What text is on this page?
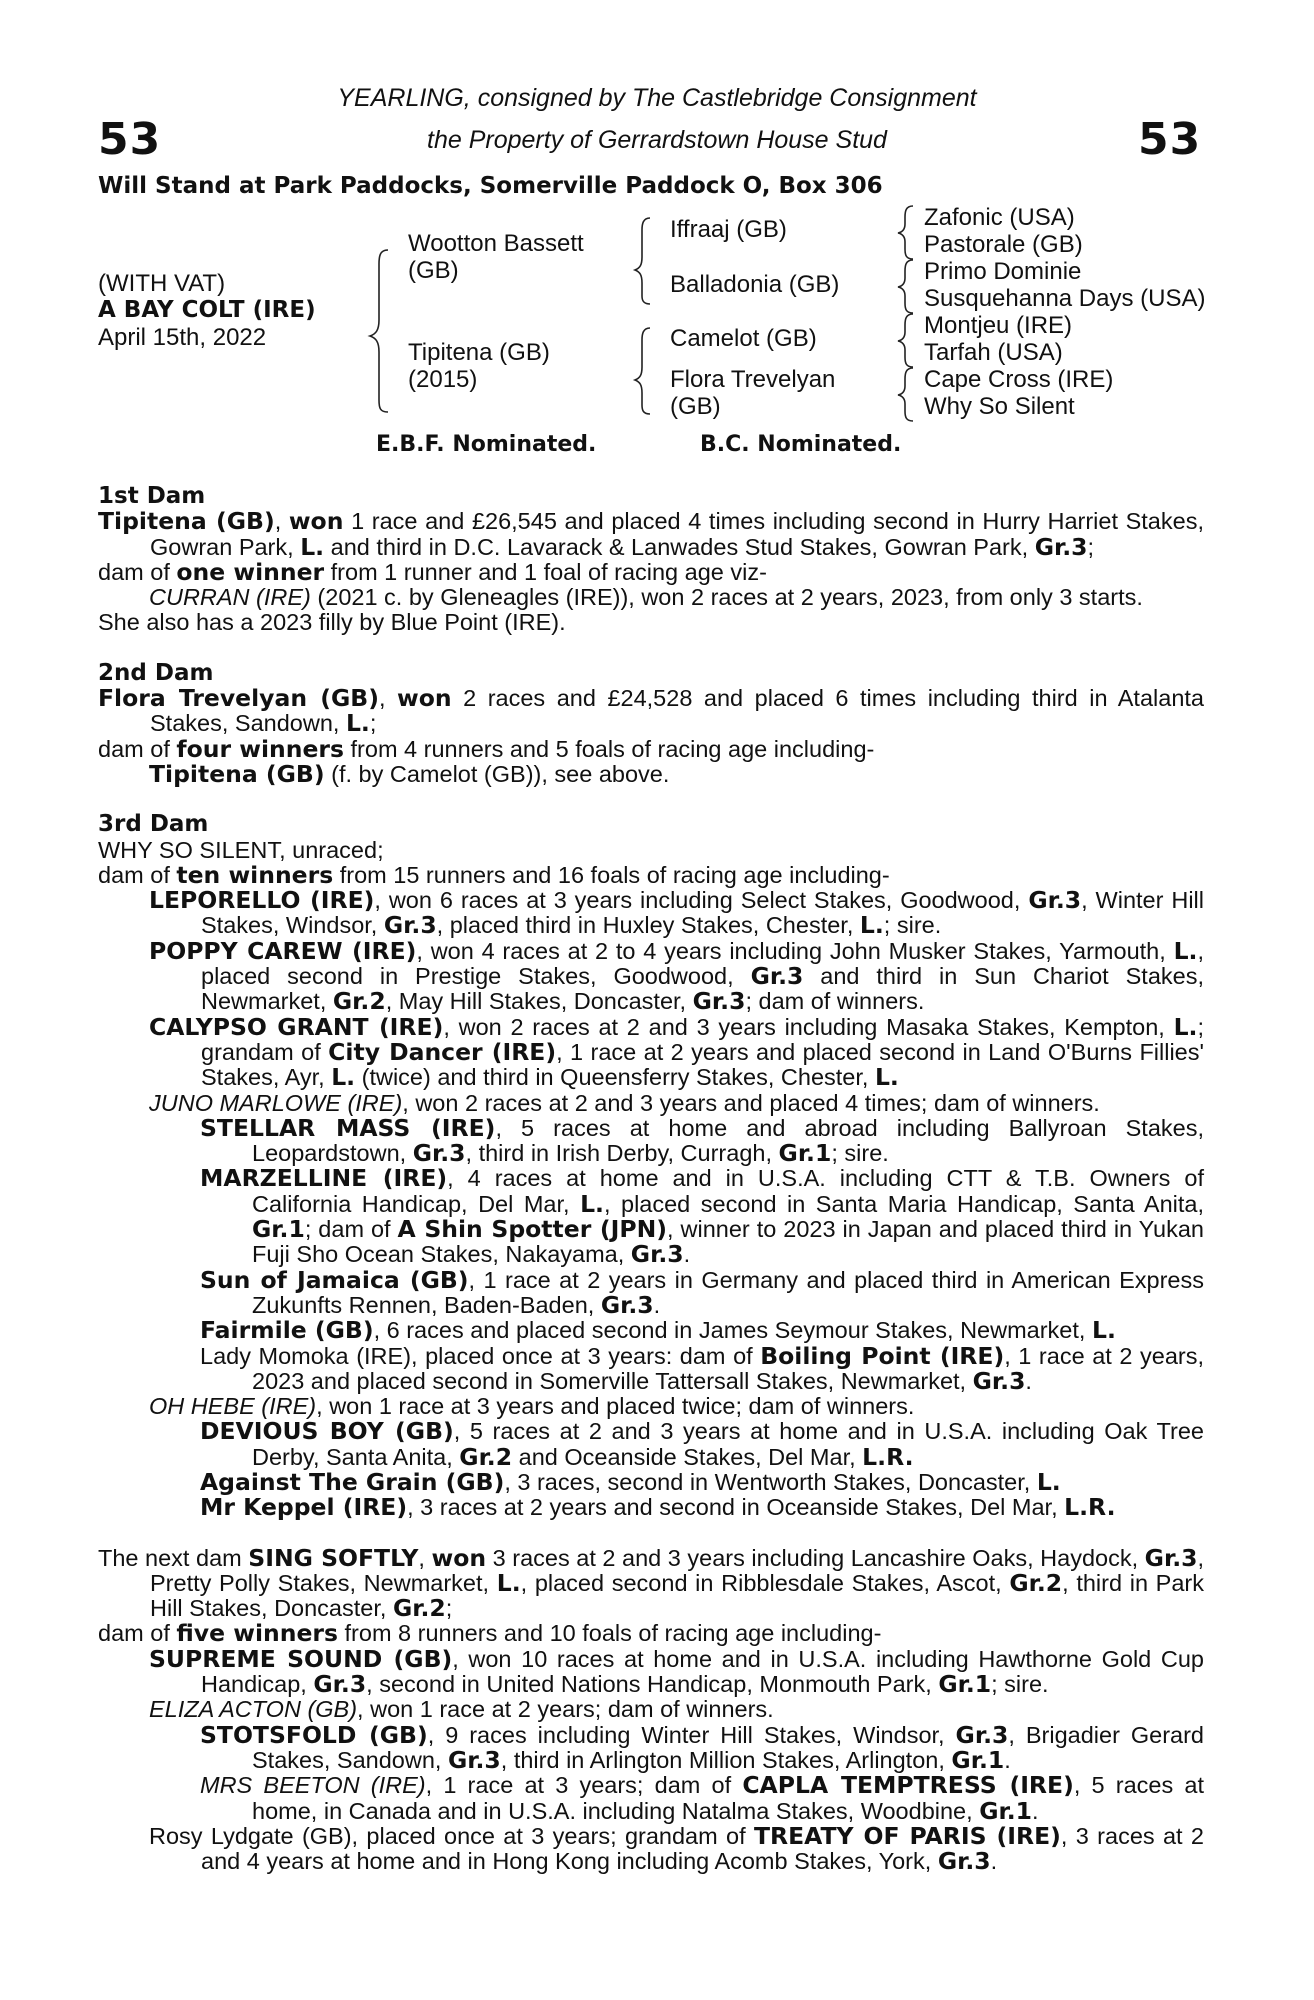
53	53
YEARLING, consigned by The Castlebridge Consignment
the Property of Gerrardstown House Stud
Will Stand at Park Paddocks, Somerville Paddock O, Box 306
(WITH VAT)
A BAY COLT (IRE)
April 15th, 2022
Wootton Bassett
(GB)
Tipitena (GB)
(2015)
Iffraaj (GB)
Balladonia (GB)
Camelot (GB)
Flora Trevelyan
(GB)
Zafonic (USA)
Pastorale (GB)
Primo Dominie
Susquehanna Days (USA)
Montjeu (IRE)
Tarfah (USA)
Cape Cross (IRE)
Why So Silent
E.B.F. Nominated.	B.C. Nominated.

1st Dam

Tipitena (GB), won 1 race and £26,545 and placed 4 times including second in Hurry Harriet Stakes, Gowran Park, L. and third in D.C. Lavarack & Lanwades Stud Stakes, Gowran Park, Gr.3;

dam of one winner from 1 runner and 1 foal of racing age viz-

CURRAN (IRE) (2021 c. by Gleneagles (IRE)), won 2 races at 2 years, 2023, from only 3 starts.

She also has a 2023 filly by Blue Point (IRE).

2nd Dam

Flora Trevelyan (GB), won 2 races and £24,528 and placed 6 times including third in Atalanta Stakes, Sandown, L.;

dam of four winners from 4 runners and 5 foals of racing age including-

Tipitena (GB) (f. by Camelot (GB)), see above.

3rd Dam

WHY SO SILENT, unraced;

dam of ten winners from 15 runners and 16 foals of racing age including-

LEPORELLO (IRE), won 6 races at 3 years including Select Stakes, Goodwood, Gr.3, Winter Hill Stakes, Windsor, Gr.3, placed third in Huxley Stakes, Chester, L.; sire.

POPPY CAREW (IRE), won 4 races at 2 to 4 years including John Musker Stakes, Yarmouth, L., placed second in Prestige Stakes, Goodwood, Gr.3 and third in Sun Chariot Stakes, Newmarket, Gr.2, May Hill Stakes, Doncaster, Gr.3; dam of winners.

CALYPSO GRANT (IRE), won 2 races at 2 and 3 years including Masaka Stakes, Kempton, L.; grandam of City Dancer (IRE), 1 race at 2 years and placed second in Land O'Burns Fillies' Stakes, Ayr, L. (twice) and third in Queensferry Stakes, Chester, L.

JUNO MARLOWE (IRE), won 2 races at 2 and 3 years and placed 4 times; dam of winners.

STELLAR MASS (IRE), 5 races at home and abroad including Ballyroan Stakes, Leopardstown, Gr.3, third in Irish Derby, Curragh, Gr.1; sire.

MARZELLINE (IRE), 4 races at home and in U.S.A. including CTT & T.B. Owners of California Handicap, Del Mar, L., placed second in Santa Maria Handicap, Santa Anita, Gr.1; dam of A Shin Spotter (JPN), winner to 2023 in Japan and placed third in Yukan Fuji Sho Ocean Stakes, Nakayama, Gr.3.

Sun of Jamaica (GB), 1 race at 2 years in Germany and placed third in American Express Zukunfts Rennen, Baden-Baden, Gr.3.

Fairmile (GB), 6 races and placed second in James Seymour Stakes, Newmarket, L.

Lady Momoka (IRE), placed once at 3 years: dam of Boiling Point (IRE), 1 race at 2 years, 2023 and placed second in Somerville Tattersall Stakes, Newmarket, Gr.3.

OH HEBE (IRE), won 1 race at 3 years and placed twice; dam of winners.

DEVIOUS BOY (GB), 5 races at 2 and 3 years at home and in U.S.A. including Oak Tree Derby, Santa Anita, Gr.2 and Oceanside Stakes, Del Mar, L.R.

Against The Grain (GB), 3 races, second in Wentworth Stakes, Doncaster, L.

Mr Keppel (IRE), 3 races at 2 years and second in Oceanside Stakes, Del Mar, L.R.

The next dam SING SOFTLY, won 3 races at 2 and 3 years including Lancashire Oaks, Haydock, Gr.3, Pretty Polly Stakes, Newmarket, L., placed second in Ribblesdale Stakes, Ascot, Gr.2, third in Park Hill Stakes, Doncaster, Gr.2;

dam of five winners from 8 runners and 10 foals of racing age including-

SUPREME SOUND (GB), won 10 races at home and in U.S.A. including Hawthorne Gold Cup Handicap, Gr.3, second in United Nations Handicap, Monmouth Park, Gr.1; sire.

ELIZA ACTON (GB), won 1 race at 2 years; dam of winners.

STOTSFOLD (GB), 9 races including Winter Hill Stakes, Windsor, Gr.3, Brigadier Gerard Stakes, Sandown, Gr.3, third in Arlington Million Stakes, Arlington, Gr.1.

MRS BEETON (IRE), 1 race at 3 years; dam of CAPLA TEMPTRESS (IRE), 5 races at home, in Canada and in U.S.A. including Natalma Stakes, Woodbine, Gr.1.

Rosy Lydgate (GB), placed once at 3 years; grandam of TREATY OF PARIS (IRE), 3 races at 2 and 4 years at home and in Hong Kong including Acomb Stakes, York, Gr.3.
